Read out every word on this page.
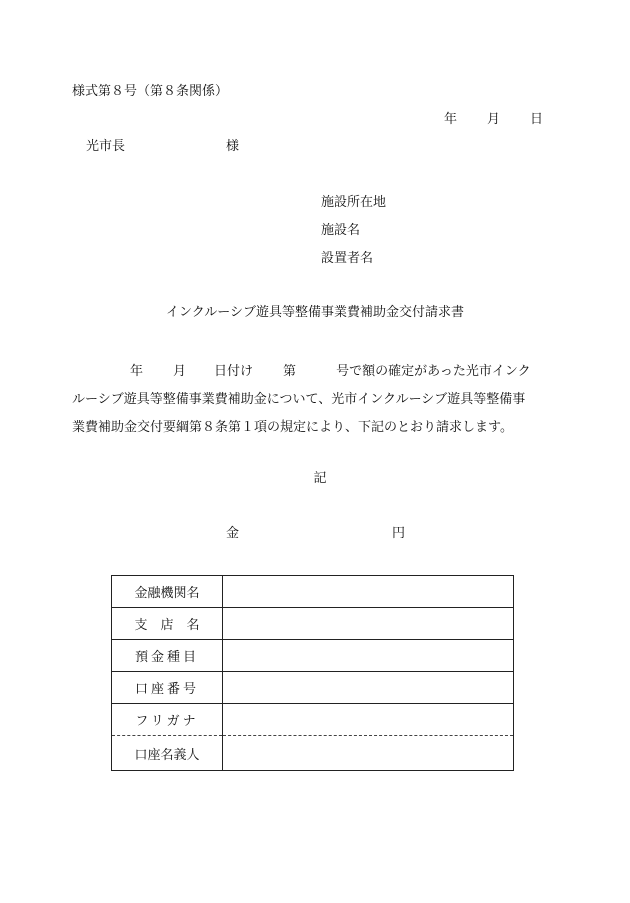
様式第８号（第８条関係）
年 月 日
光市長	様
施設所在地
施設名
設置者名
インクルーシブ遊具等整備事業費補助金交付請求書
年 月 日付け 第	号で額の確定があった光市インク
ルーシブ遊具等整備事業費補助金について、光市インクルーシブ遊具等整備事
業費補助金交付要綱第８条第１項の規定により、下記のとおり請求します。
記
金	円
金融機関名	
支　店　名	
預金種目	
口座番号	
フリガナ	
口座名義人	
